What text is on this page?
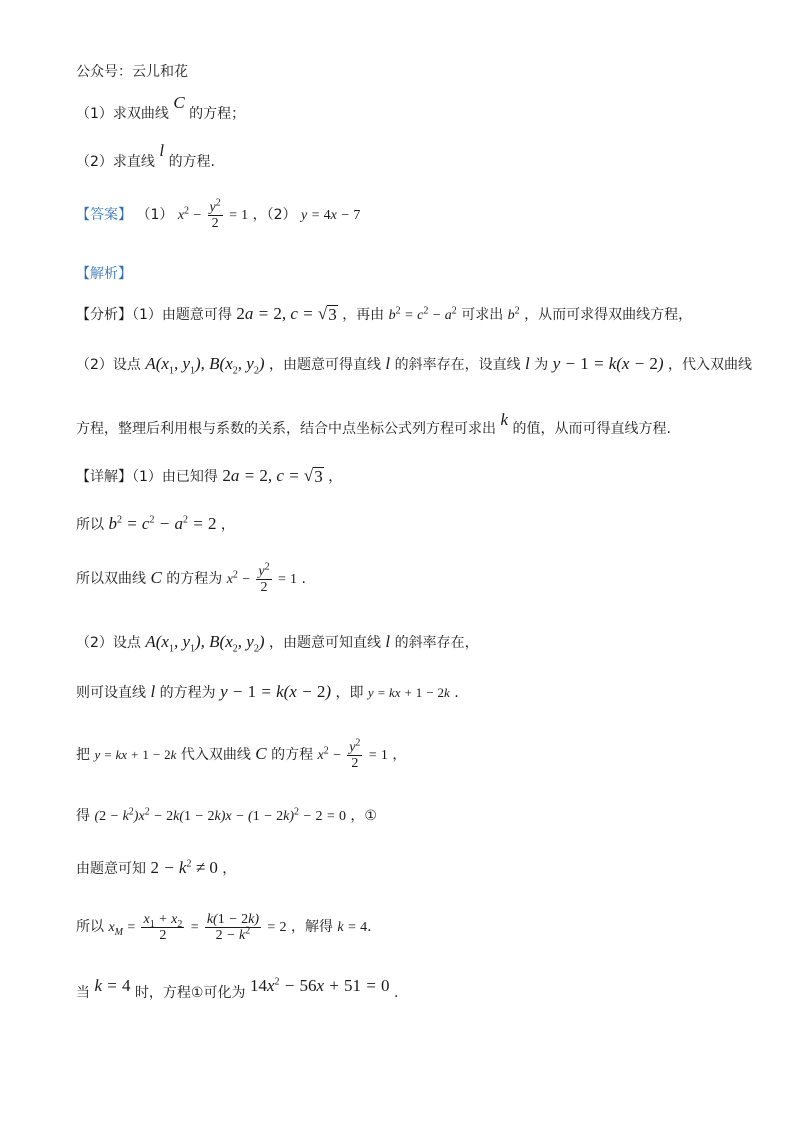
公众号：云儿和花
（1）求双曲线 C 的方程；
（2）求直线 l 的方程.
【答案】 （1） $x^2 - \frac{y^2}{2} = 1$ ，（2） y = 4x − 7
【解析】
【分析】（1）由题意可得 2a = 2, c = √ 3 ，再由 $b^2 = c^2 - a^2$ 可求出 $b^2$ ，从而可求得双曲线方程，
（2）设点 $A(x_1$, $y_1$), $B(x_2$, $y_2$) ，由题意可得直线 l 的斜率存在，设直线 l 为 y − 1 = k(x − 2) ，代入双曲线
方程，整理后利用根与系数的关系，结合中点坐标公式列方程可求出 k 的值，从而可得直线方程.
【详解】（1）由已知得 2a = 2, c = √ 3 ，
所以 $b^2 = c^2 - a^2 = 2$ ，
所以双曲线 C 的方程为 $x^2 - \frac{y^2}{2} = 1$ .
（2）设点 $A(x_1$, $y_1$), $B(x_2$, $y_2$) ，由题意可知直线 l 的斜率存在，
则可设直线 l 的方程为 y − 1 = k(x − 2) ，即 y = kx + 1 − 2k .
把 y = kx + 1 − 2k 代入双曲线 C 的方程 $x^2 - \frac{y^2}{2} = 1$ ，
得 $(2 - k^2)x^2 - 2k(1 - 2k)x - (1 - 2k)^2 - 2 = 0$ ，①
由题意可知 $2 - k^2 \ne 0$ ，
所以 $x_M = \frac{x_1 + x_2}{2} = \frac{k(1 - 2k)}{2 - k^2} = 2$ ，解得 k = 4.
当 k = 4 时，方程①可化为 $14x^2 - 56x + 51 = 0$ .
